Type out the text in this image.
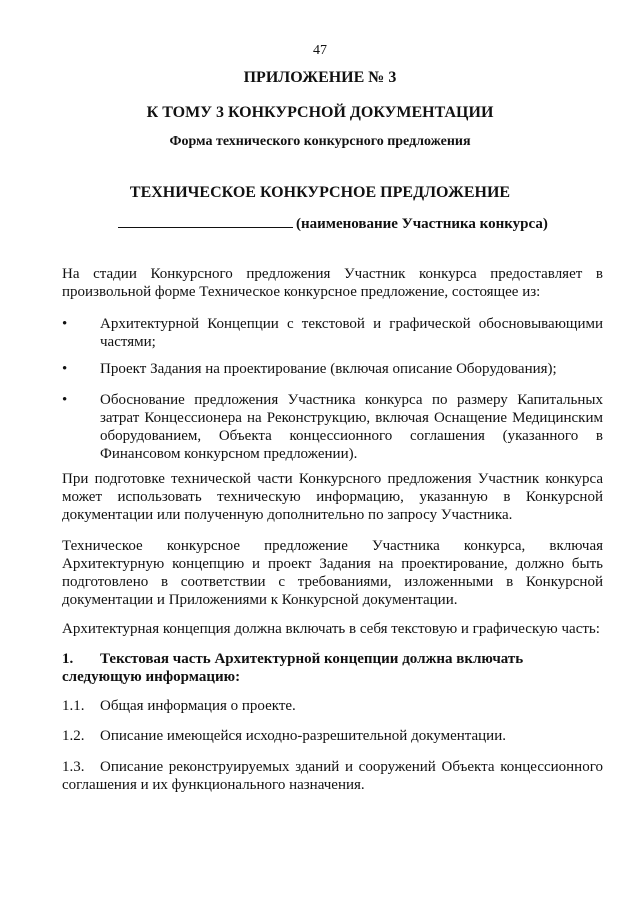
47
ПРИЛОЖЕНИЕ № 3
К ТОМУ 3 КОНКУРСНОЙ ДОКУМЕНТАЦИИ
Форма технического конкурсного предложения
ТЕХНИЧЕСКОЕ КОНКУРСНОЕ ПРЕДЛОЖЕНИЕ
(наименование Участника конкурса)
На стадии Конкурсного предложения Участник конкурса предоставляет в произвольной форме Техническое конкурсное предложение, состоящее из:
•	Архитектурной Концепции с текстовой и графической обосновывающими частями;
•	Проект Задания на проектирование (включая описание Оборудования);
•	Обоснование предложения Участника конкурса по размеру Капитальных затрат Концессионера на Реконструкцию, включая Оснащение Медицинским оборудованием, Объекта концессионного соглашения (указанного в Финансовом конкурсном предложении).
При подготовке технической части Конкурсного предложения Участник конкурса может использовать техническую информацию, указанную в Конкурсной документации или полученную дополнительно по запросу Участника.
Техническое конкурсное предложение Участника конкурса, включая Архитектурную концепцию и проект Задания на проектирование, должно быть подготовлено в соответствии с требованиями, изложенными в Конкурсной документации и Приложениями к Конкурсной документации.
Архитектурная концепция должна включать в себя текстовую и графическую часть:
1.	Текстовая часть Архитектурной концепции должна включать следующую информацию:
1.1. Общая информация о проекте.
1.2. Описание имеющейся исходно-разрешительной документации.
1.3.	Описание реконструируемых зданий и сооружений Объекта концессионного соглашения и их функционального назначения.
